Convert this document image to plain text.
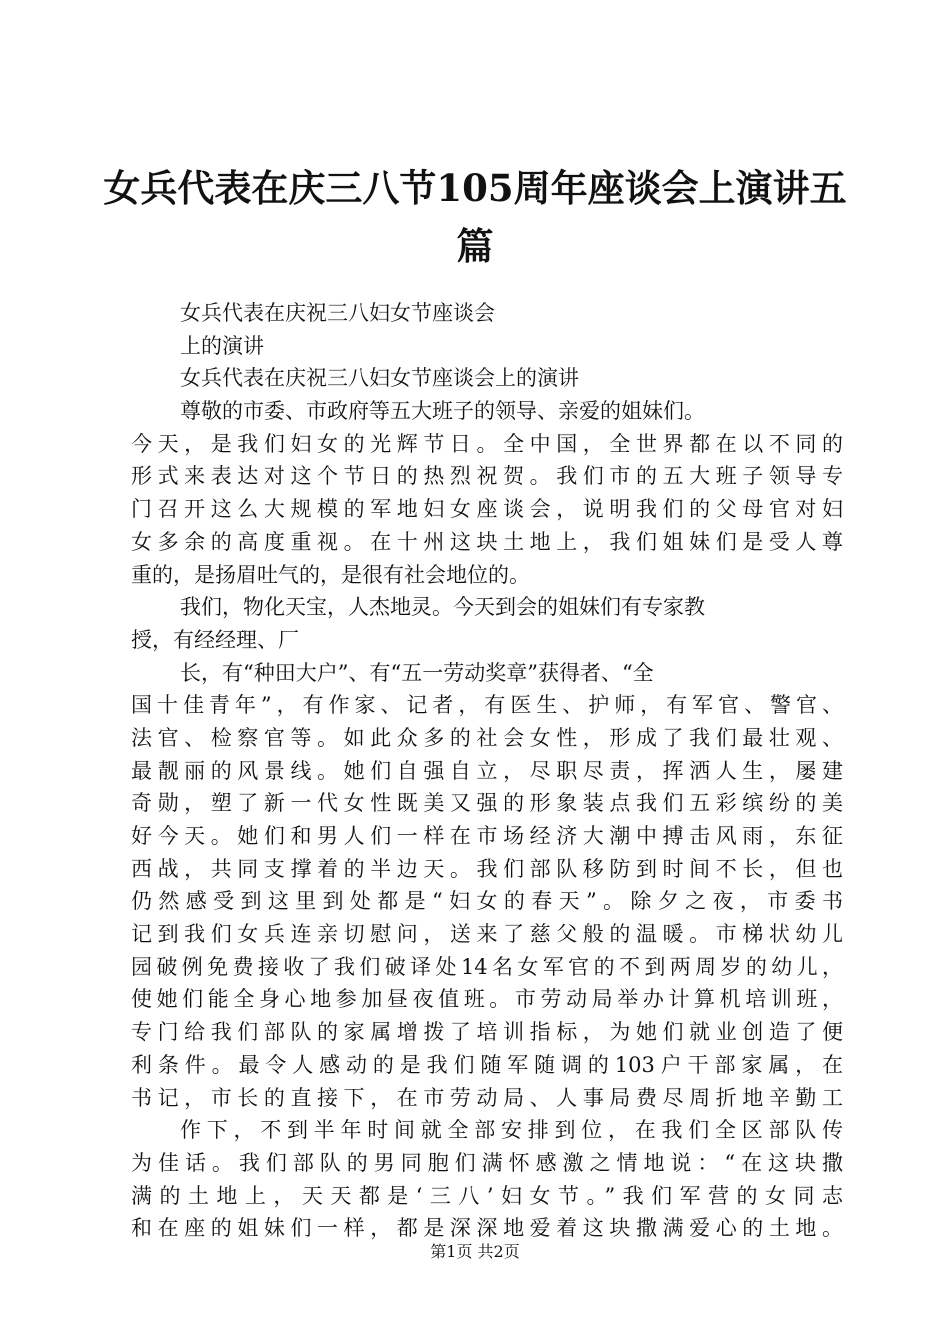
女兵代表在庆三八节105周年座谈会上演讲五
篇
女兵代表在庆祝三八妇女节座谈会
上的演讲
女兵代表在庆祝三八妇女节座谈会上的演讲
尊敬的市委、市政府等五大班子的领导、亲爱的姐妹们。
今天，是我们妇女的光辉节日。全中国，全世界都在以不同的
形式来表达对这个节日的热烈祝贺。我们市的五大班子领导专
门召开这么大规模的军地妇女座谈会，说明我们的父母官对妇
女多余的高度重视。在十州这块土地上，我们姐妹们是受人尊
重的，是扬眉吐气的，是很有社会地位的。
我们，物化天宝，人杰地灵。今天到会的姐妹们有专家教
授，有经经理、厂
长，有“种田大户”、有“五一劳动奖章”获得者、“全
国十佳青年”，有作家、记者，有医生、护师，有军官、警官、
法官、检察官等。如此众多的社会女性，形成了我们最壮观、
最靓丽的风景线。她们自强自立，尽职尽责，挥洒人生，屡建
奇勋，塑了新一代女性既美又强的形象装点我们五彩缤纷的美
好今天。她们和男人们一样在市场经济大潮中搏击风雨，东征
西战，共同支撑着的半边天。我们部队移防到时间不长，但也
仍然感受到这里到处都是“妇女的春天”。除夕之夜，市委书
记到我们女兵连亲切慰问，送来了慈父般的温暖。市梯状幼儿
园破例免费接收了我们破译处14名女军官的不到两周岁的幼儿，
使她们能全身心地参加昼夜值班。市劳动局举办计算机培训班，
专门给我们部队的家属增拨了培训指标，为她们就业创造了便
利条件。最令人感动的是我们随军随调的103户干部家属，在
书记，市长的直接下，在市劳动局、人事局费尽周折地辛勤工
作下，不到半年时间就全部安排到位，在我们全区部队传
为佳话。我们部队的男同胞们满怀感激之情地说：“在这块撒
满的土地上，天天都是‘三八’妇女节。”我们军营的女同志
和在座的姐妹们一样，都是深深地爱着这块撒满爱心的土地。
第1页 共2页
